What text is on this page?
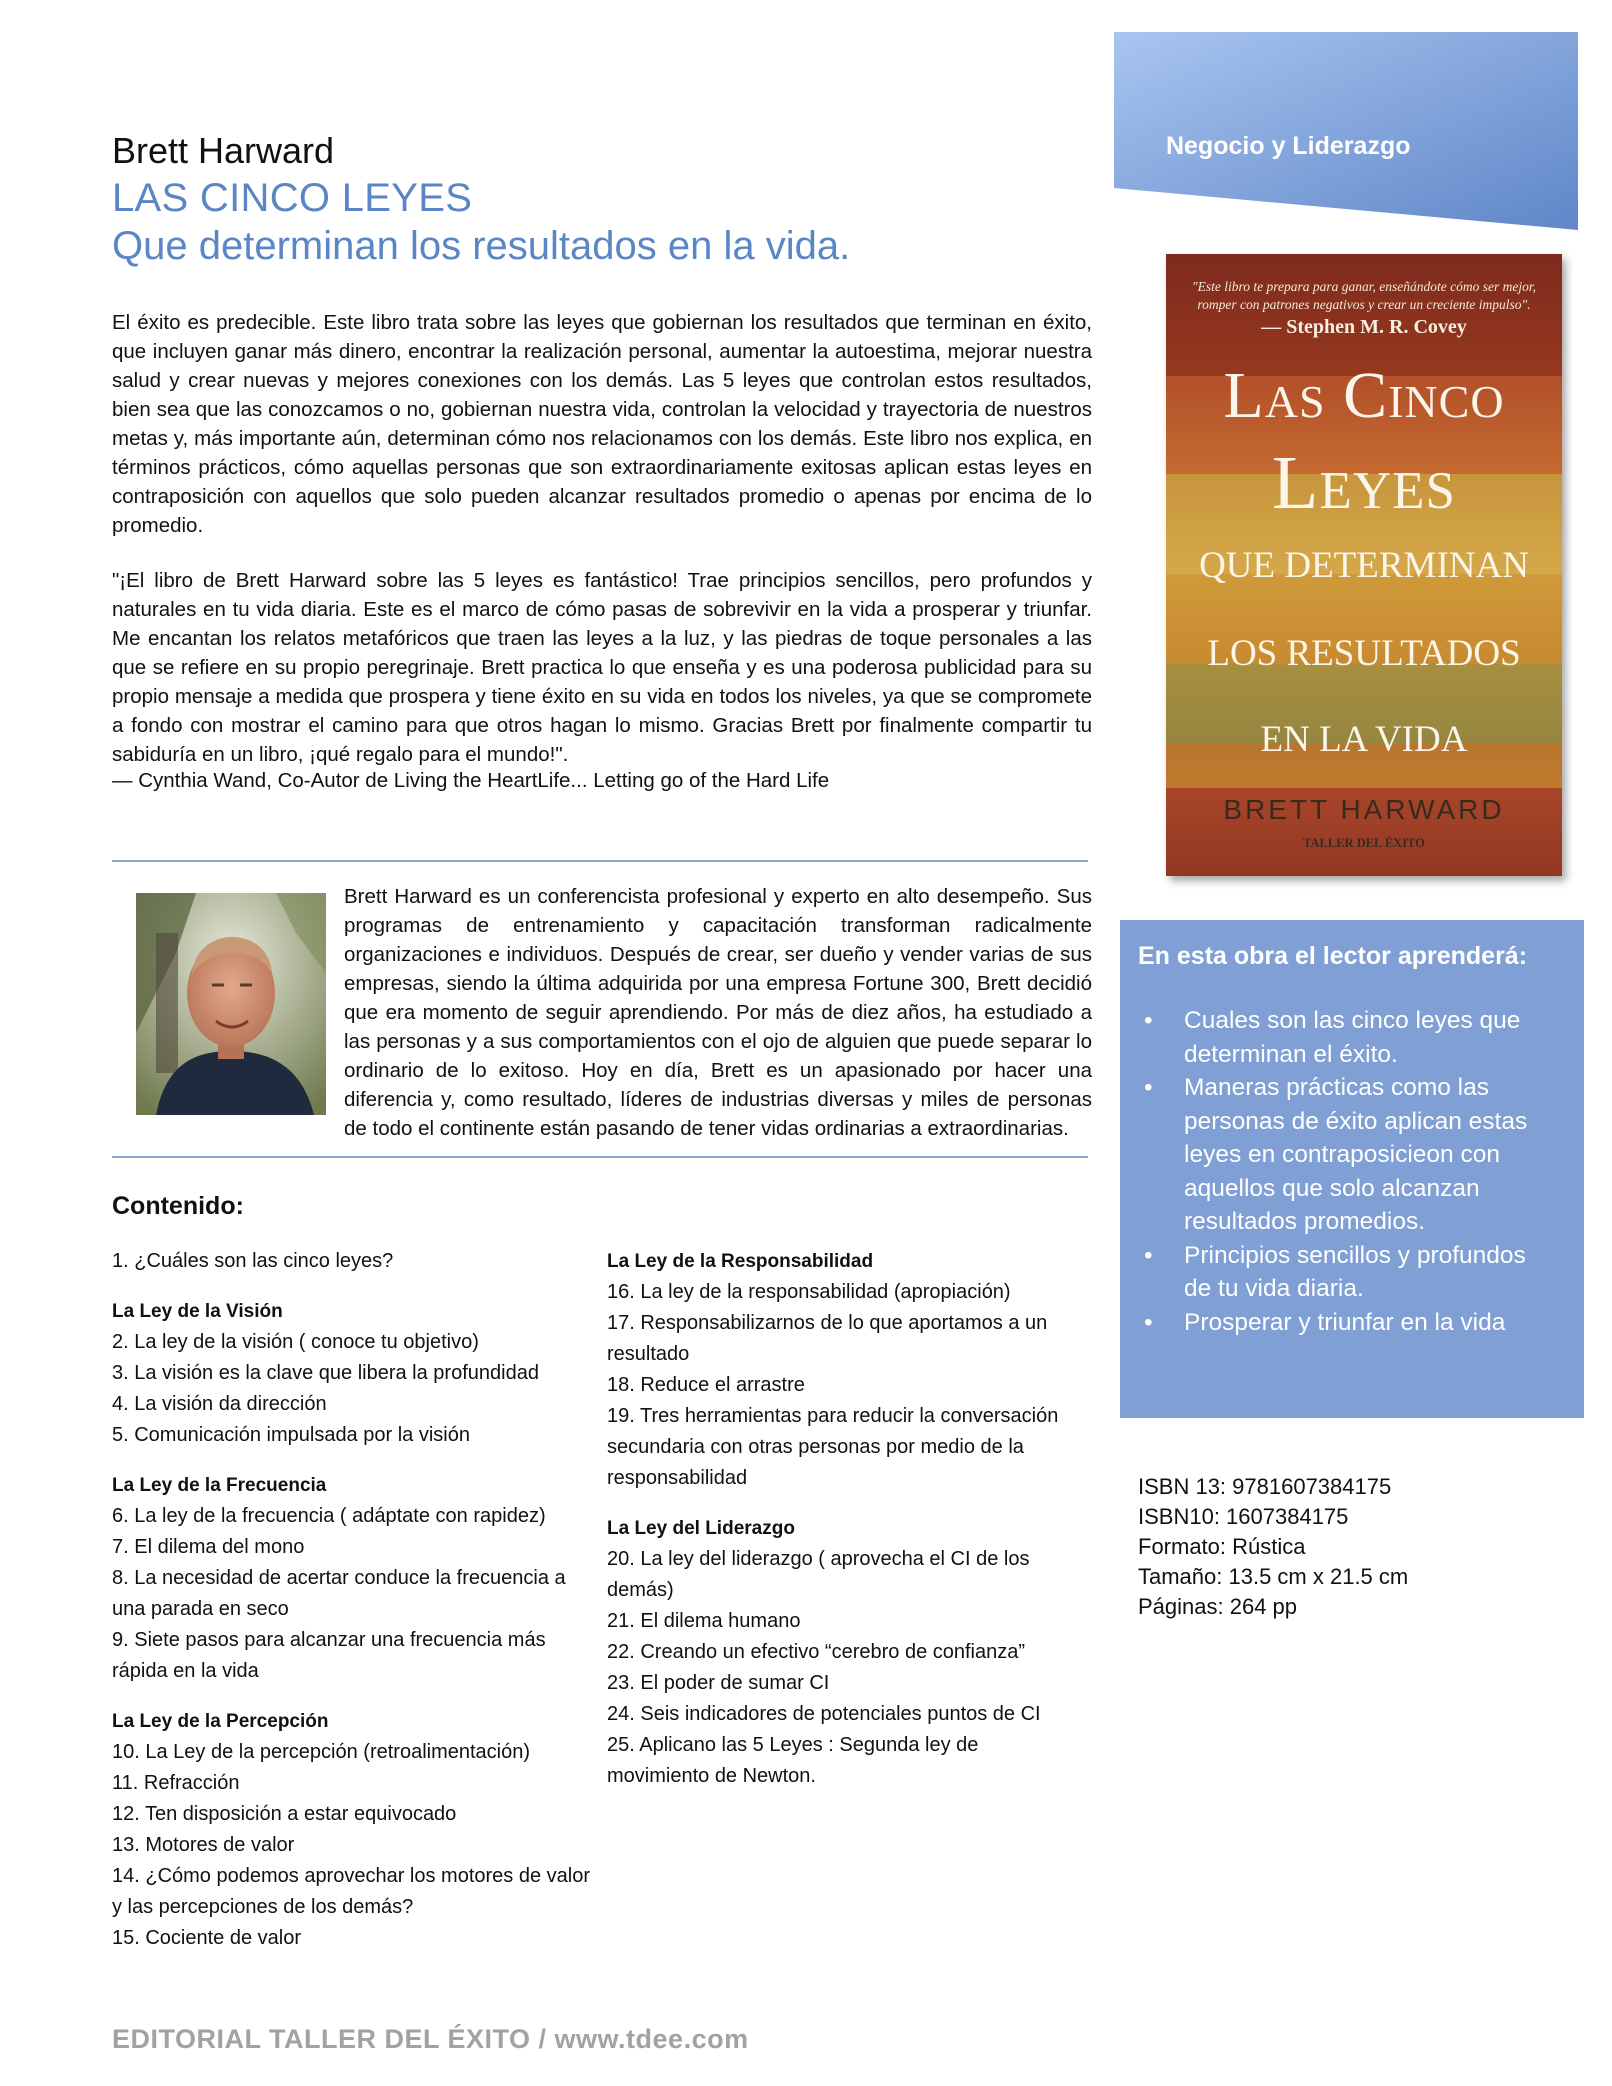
Brett Harward
LAS CINCO LEYES
Que determinan los resultados en la vida.
Negocio y Liderazgo
El éxito es predecible. Este libro trata sobre las leyes que gobiernan los resultados que terminan en éxito, que incluyen ganar más dinero, encontrar la realización personal, aumentar la autoestima, mejorar nuestra salud y crear nuevas y mejores conexiones con los demás. Las 5 leyes que controlan estos resultados, bien sea que las conozcamos o no, gobiernan nuestra vida, controlan la velocidad y trayectoria de nuestros metas y, más importante aún, determinan cómo nos relacionamos con los demás. Este libro nos explica, en términos prácticos, cómo aquellas personas que son extraordinariamente exitosas aplican estas leyes en contraposición con aquellos que solo pueden alcanzar resultados promedio o apenas por encima de lo promedio.
"¡El libro de Brett Harward sobre las 5 leyes es fantástico! Trae principios sencillos, pero profundos y naturales en tu vida diaria. Este es el marco de cómo pasas de sobrevivir en la vida a prosperar y triunfar. Me encantan los relatos metafóricos que traen las leyes a la luz, y las piedras de toque personales a las que se refiere en su propio peregrinaje. Brett practica lo que enseña y es una poderosa publicidad para su propio mensaje a medida que prospera y tiene éxito en su vida en todos los niveles, ya que se compromete a fondo con mostrar el camino para que otros hagan lo mismo. Gracias Brett por finalmente compartir tu sabiduría en un libro, ¡qué regalo para el mundo!".
— Cynthia Wand, Co-Autor de Living the HeartLife... Letting go of the Hard Life
Brett Harward es un conferencista profesional y experto en alto desempeño. Sus programas de entrenamiento y capacitación transforman radicalmente organizaciones e individuos. Después de crear, ser dueño y vender varias de sus empresas, siendo la última adquirida por una empresa Fortune 300, Brett decidió que era momento de seguir aprendiendo. Por más de diez años, ha estudiado a las personas y a sus comportamientos con el ojo de alguien que puede separar lo ordinario de lo exitoso. Hoy en día, Brett es un apasionado por hacer una diferencia y, como resultado, líderes de industrias diversas y miles de personas de todo el continente están pasando de tener vidas ordinarias a extraordinarias.
Contenido:
1. ¿Cuáles son las cinco leyes?
La Ley de la Visión
2. La ley de la visión ( conoce tu objetivo)
3. La visión es la clave que libera la profundidad
4. La visión da dirección
5. Comunicación impulsada por la visión
La Ley de la Frecuencia
6. La ley de la frecuencia ( adáptate con rapidez)
7. El dilema del mono
8. La necesidad de acertar conduce la frecuencia a una parada en seco
9. Siete pasos para alcanzar una frecuencia más rápida en la vida
La Ley de la Percepción
10. La Ley de la percepción (retroalimentación)
11. Refracción
12. Ten disposición a estar equivocado
13. Motores de valor
14. ¿Cómo podemos aprovechar los motores de valor y las percepciones de los demás?
15. Cociente de valor
La Ley de la Responsabilidad
16. La ley de la responsabilidad (apropiación)
17. Responsabilizarnos de lo que aportamos a un resultado
18. Reduce el arrastre
19. Tres herramientas para reducir la conversación secundaria con otras personas por medio de la responsabilidad
La Ley del Liderazgo
20. La ley del liderazgo ( aprovecha el CI de los demás)
21. El dilema humano
22. Creando un efectivo “cerebro de confianza”
23. El poder de sumar CI
24. Seis indicadores de potenciales puntos de CI
25. Aplicano las 5 Leyes : Segunda ley de movimiento de Newton.
"Este libro te prepara para ganar, enseñándote cómo ser mejor, romper con patrones negativos y crear un creciente impulso".
— Stephen M. R. Covey
Las Cinco
Leyes
QUE DETERMINAN
LOS RESULTADOS
EN LA VIDA
BRETT HARWARD
TALLER DEL ÉXITO
En esta obra el lector aprenderá:
• Cuales son las cinco leyes que determinan el éxito.
• Maneras prácticas como las personas de éxito aplican estas leyes en contraposicieon con aquellos que solo alcanzan resultados promedios.
• Principios sencillos y profundos de tu vida diaria.
• Prosperar y triunfar en la vida
ISBN 13: 9781607384175
ISBN10: 1607384175
Formato: Rústica
Tamaño: 13.5 cm x 21.5 cm
Páginas: 264 pp
EDITORIAL TALLER DEL ÉXITO / www.tdee.com
